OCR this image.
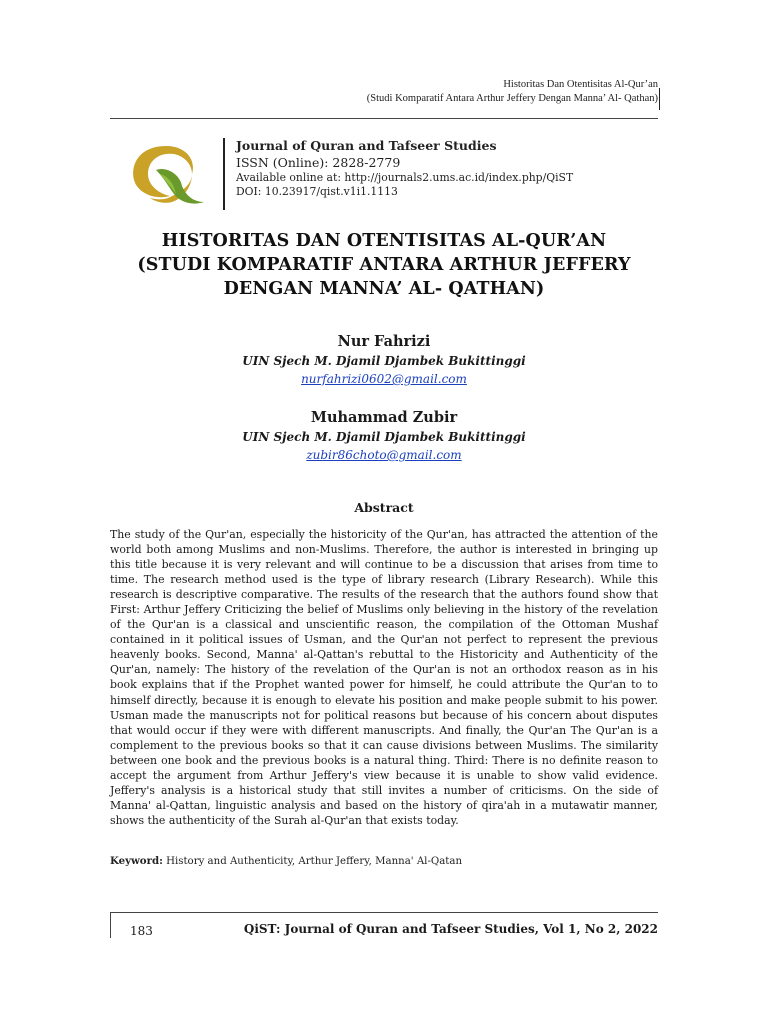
Historitas Dan Otentisitas Al-Qur’an
(Studi Komparatif Antara Arthur Jeffery Dengan Manna’ Al- Qathan)
Journal of Quran and Tafseer Studies
ISSN (Online): 2828-2779
Available online at: http://journals2.ums.ac.id/index.php/QiST
DOI: 10.23917/qist.v1i1.1113
HISTORITAS DAN OTENTISITAS AL-QUR’AN
(STUDI KOMPARATIF ANTARA ARTHUR JEFFERY
DENGAN MANNA’ AL- QATHAN)
Nur Fahrizi
UIN Sjech M. Djamil Djambek Bukittinggi
nurfahrizi0602@gmail.com
Muhammad Zubir
UIN Sjech M. Djamil Djambek Bukittinggi
zubir86choto@gmail.com
Abstract
The study of the Qur'an, especially the historicity of the Qur'an, has attracted the attention of the world both among Muslims and non-Muslims. Therefore, the author is interested in bringing up this title because it is very relevant and will continue to be a discussion that arises from time to time. The research method used is the type of library research (Library Research). While this research is descriptive comparative. The results of the research that the authors found show that First: Arthur Jeffery Criticizing the belief of Muslims only believing in the history of the revelation of the Qur'an is a classical and unscientific reason, the compilation of the Ottoman Mushaf contained in it political issues of Usman, and the Qur'an not perfect to represent the previous heavenly books. Second, Manna' al-Qattan's rebuttal to the Historicity and Authenticity of the Qur'an, namely: The history of the revelation of the Qur'an is not an orthodox reason as in his book explains that if the Prophet wanted power for himself, he could attribute the Qur'an to to himself directly, because it is enough to elevate his position and make people submit to his power. Usman made the manuscripts not for political reasons but because of his concern about disputes that would occur if they were with different manuscripts. And finally, the Qur'an The Qur'an is a complement to the previous books so that it can cause divisions between Muslims. The similarity between one book and the previous books is a natural thing. Third: There is no definite reason to accept the argument from Arthur Jeffery's view because it is unable to show valid evidence. Jeffery's analysis is a historical study that still invites a number of criticisms. On the side of Manna' al-Qattan, linguistic analysis and based on the history of qira'ah in a mutawatir manner, shows the authenticity of the Surah al-Qur'an that exists today.
Keyword: History and Authenticity, Arthur Jeffery, Manna' Al-Qatan
183	QiST: Journal of Quran and Tafseer Studies, Vol 1, No 2, 2022
